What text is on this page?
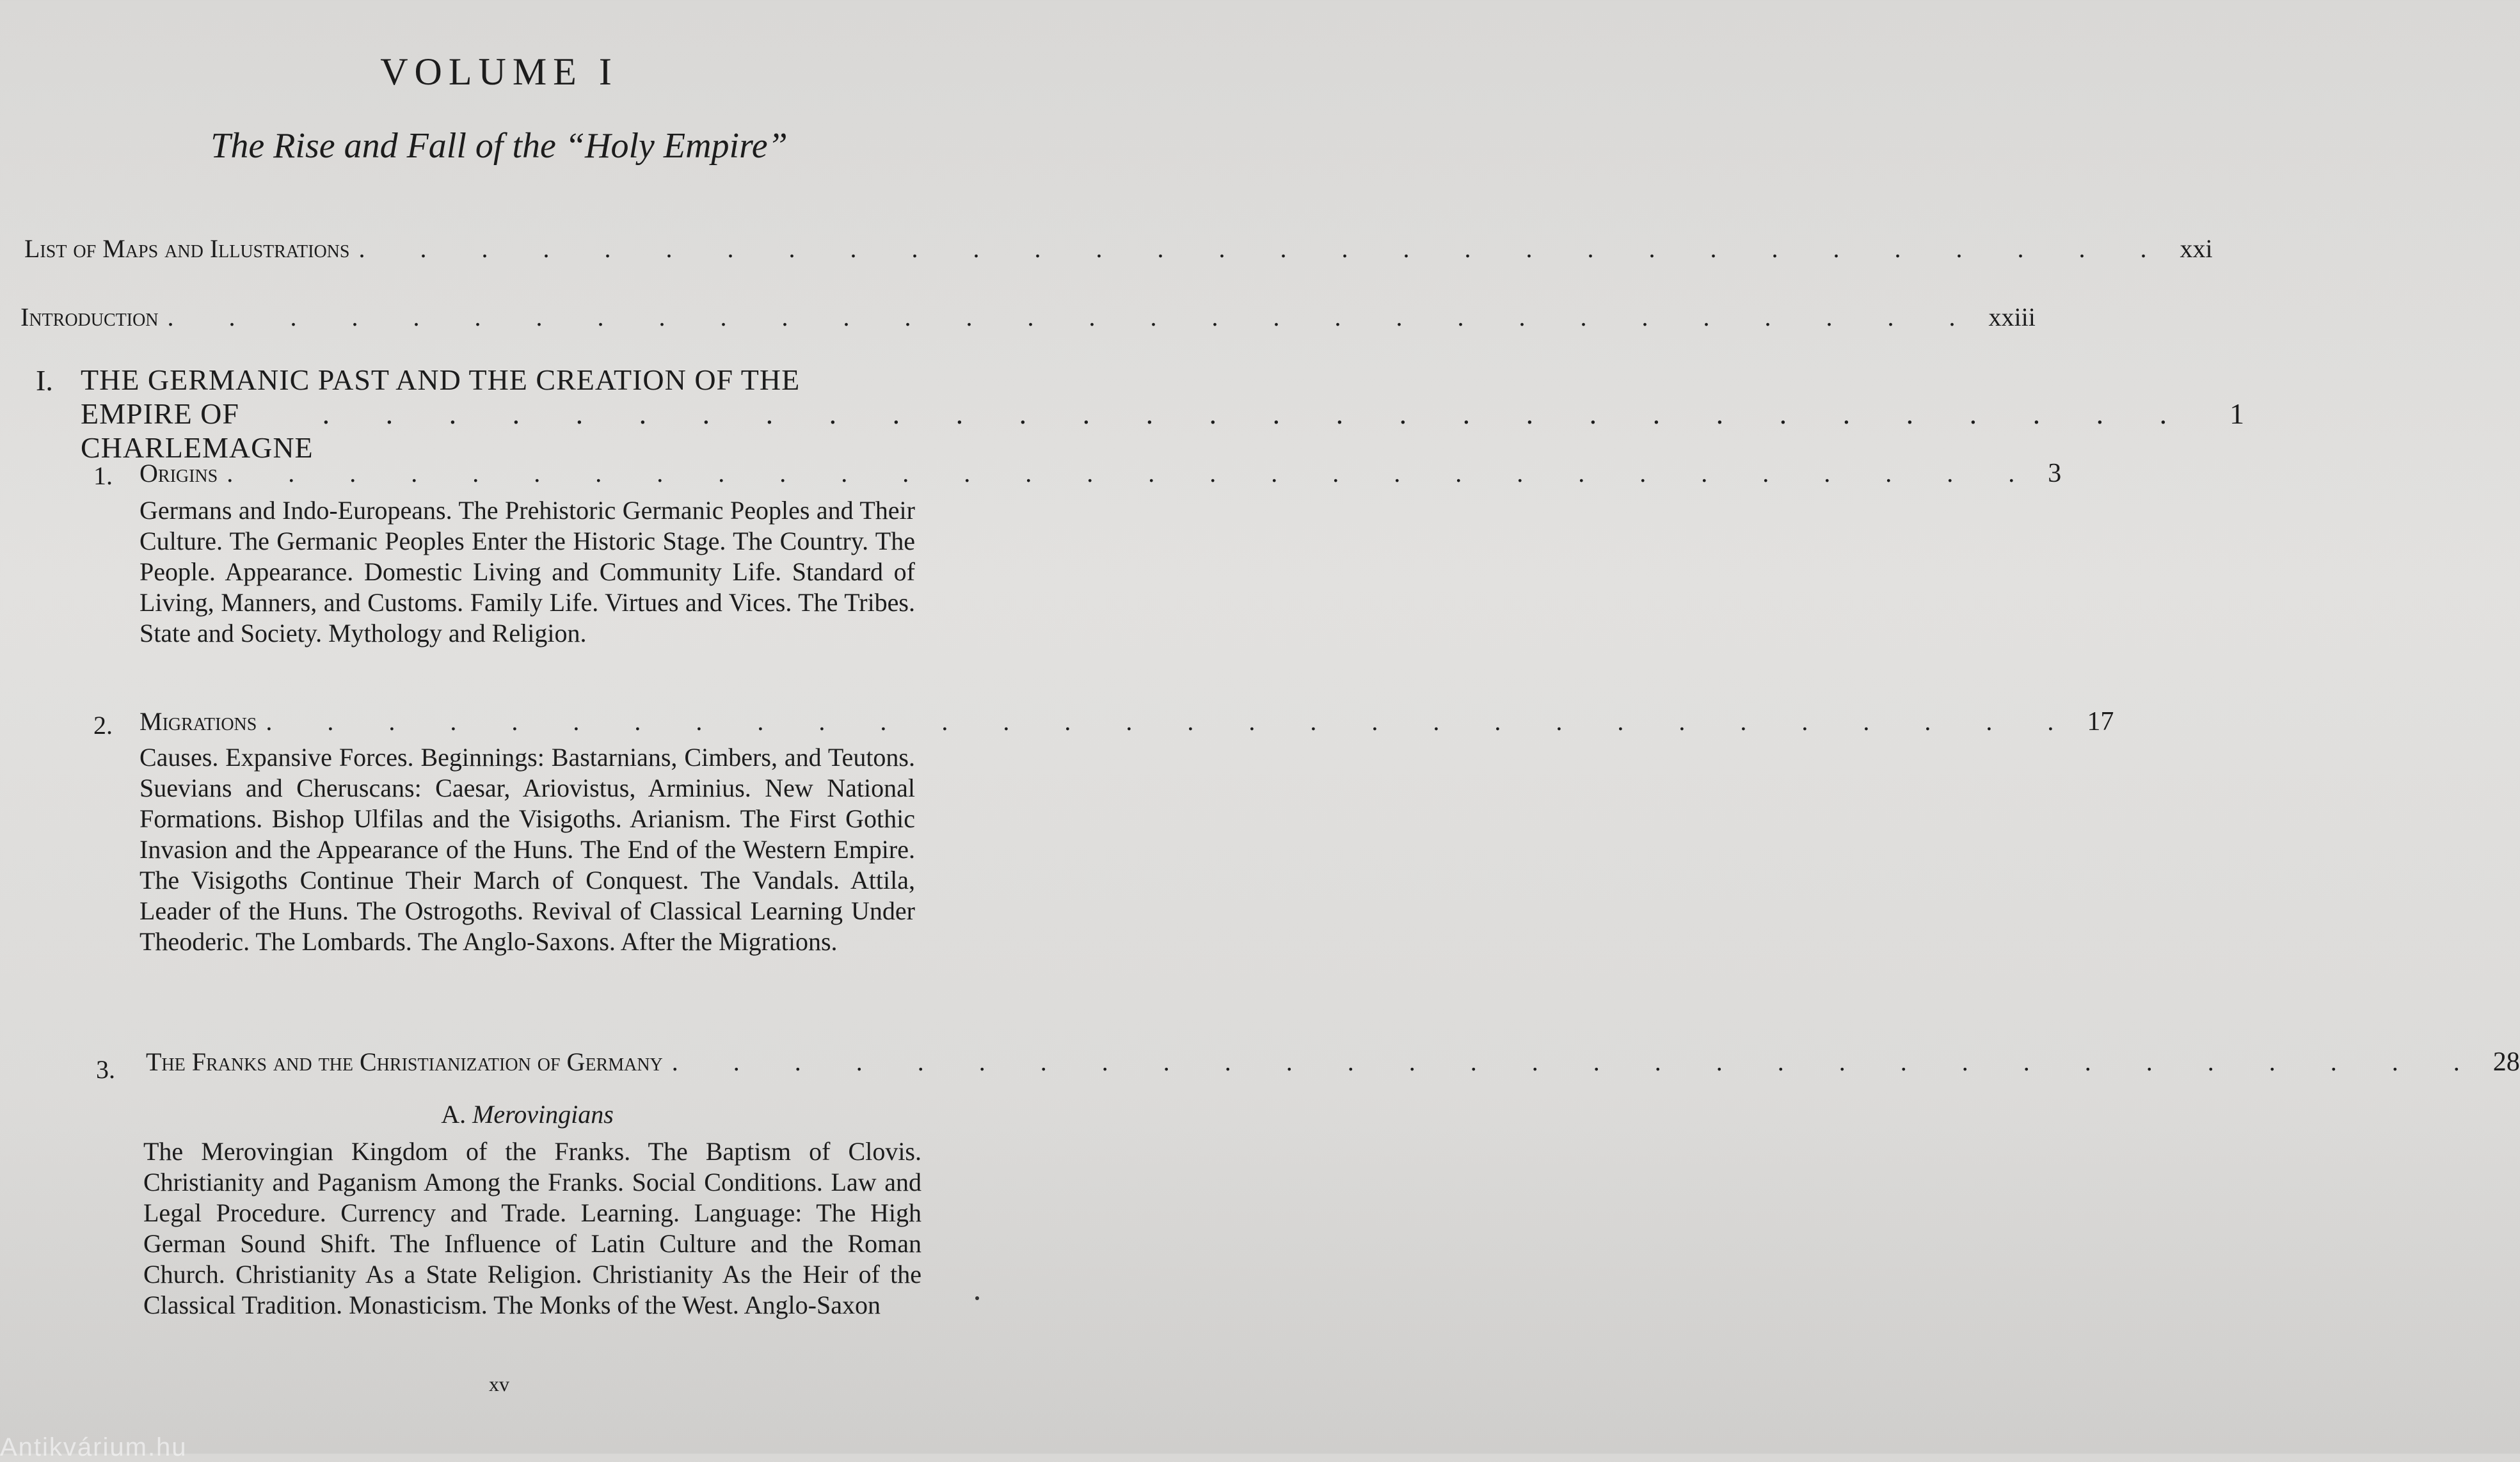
VOLUME I
The Rise and Fall of the “Holy Empire”
List of Maps and Illustrations . . . . . . . . . . . . . . . . . . . . . . . . . . . . . . xxi
Introduction . . . . . . . . . . . . . . . . . . . . . . . . . . . . . . xxiii
I. THE GERMANIC PAST AND THE CREATION OF THE
EMPIRE OF CHARLEMAGNE
. . . . . . . . . . . . . . . . . . . . . . . . . . . . . . 1
1. Origins . . . . . . . . . . . . . . . . . . . . . . . . . . . . . . 3
Germans and Indo-Europeans. The Prehistoric Germanic Peoples and Their Culture. The Germanic Peoples Enter the Historic Stage. The Country. The People. Appearance. Domestic Living and Community Life. Standard of Living, Manners, and Customs. Family Life. Virtues and Vices. The Tribes. State and Society. Mythology and Religion.
2. Migrations . . . . . . . . . . . . . . . . . . . . . . . . . . . . . . 17
Causes. Expansive Forces. Beginnings: Bastarnians, Cimbers, and Teutons. Suevians and Cheruscans: Caesar, Ariovistus, Arminius. New National Formations. Bishop Ulfilas and the Visigoths. Arianism. The First Gothic Invasion and the Appearance of the Huns. The End of the Western Empire. The Visigoths Continue Their March of Conquest. The Vandals. Attila, Leader of the Huns. The Ostrogoths. Revival of Classical Learning Under Theoderic. The Lombards. The Anglo-Saxons. After the Migrations.
3. The Franks and the Christianization of Germany . . . . . . . . . . . . . . . . . . . . . . . . . . . . . . 28
A. Merovingians
The Merovingian Kingdom of the Franks. The Baptism of Clovis. Christianity and Paganism Among the Franks. Social Conditions. Law and Legal Procedure. Currency and Trade. Learning. Language: The High German Sound Shift. The Influence of Latin Culture and the Roman Church. Christianity As a State Religion. Christianity As the Heir of the Classical Tradition. Monasticism. The Monks of the West. Anglo-Saxon
xv
Antikvárium.hu
